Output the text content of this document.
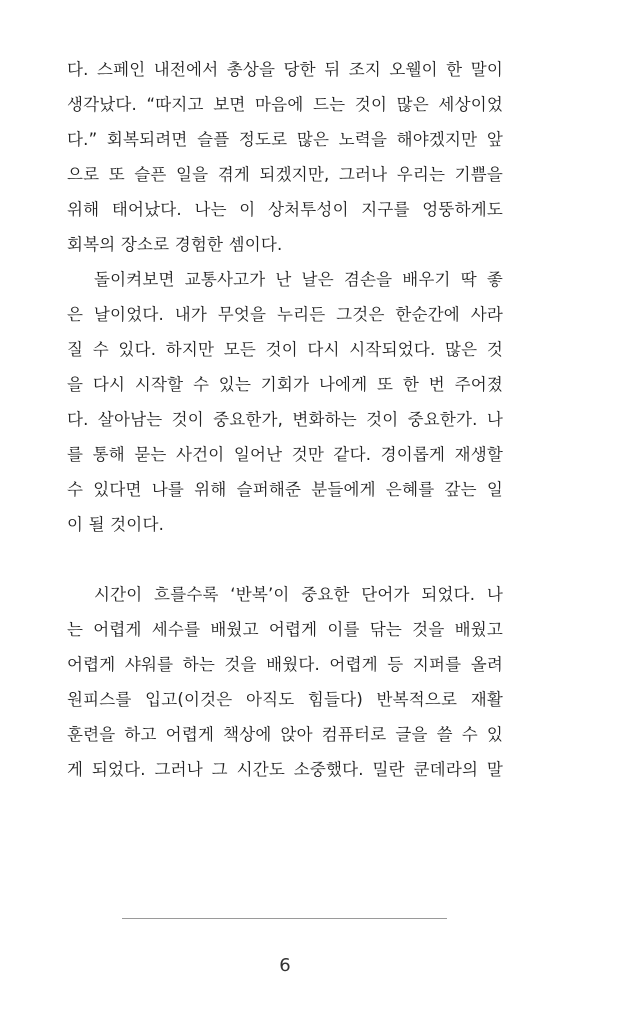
다. 스페인 내전에서 총상을 당한 뒤 조지 오웰이 한 말이
생각났다. “따지고 보면 마음에 드는 것이 많은 세상이었
다.” 회복되려면 슬플 정도로 많은 노력을 해야겠지만 앞
으로 또 슬픈 일을 겪게 되겠지만, 그러나 우리는 기쁨을
위해 태어났다. 나는 이 상처투성이 지구를 엉뚱하게도
회복의 장소로 경험한 셈이다.
돌이켜보면 교통사고가 난 날은 겸손을 배우기 딱 좋
은 날이었다. 내가 무엇을 누리든 그것은 한순간에 사라
질 수 있다. 하지만 모든 것이 다시 시작되었다. 많은 것
을 다시 시작할 수 있는 기회가 나에게 또 한 번 주어졌
다. 살아남는 것이 중요한가, 변화하는 것이 중요한가. 나
를 통해 묻는 사건이 일어난 것만 같다. 경이롭게 재생할
수 있다면 나를 위해 슬퍼해준 분들에게 은혜를 갚는 일
이 될 것이다.
시간이 흐를수록 ‘반복’이 중요한 단어가 되었다. 나
는 어렵게 세수를 배웠고 어렵게 이를 닦는 것을 배웠고
어렵게 샤워를 하는 것을 배웠다. 어렵게 등 지퍼를 올려
원피스를 입고(이것은 아직도 힘들다) 반복적으로 재활
훈련을 하고 어렵게 책상에 앉아 컴퓨터로 글을 쓸 수 있
게 되었다. 그러나 그 시간도 소중했다. 밀란 쿤데라의 말
6
